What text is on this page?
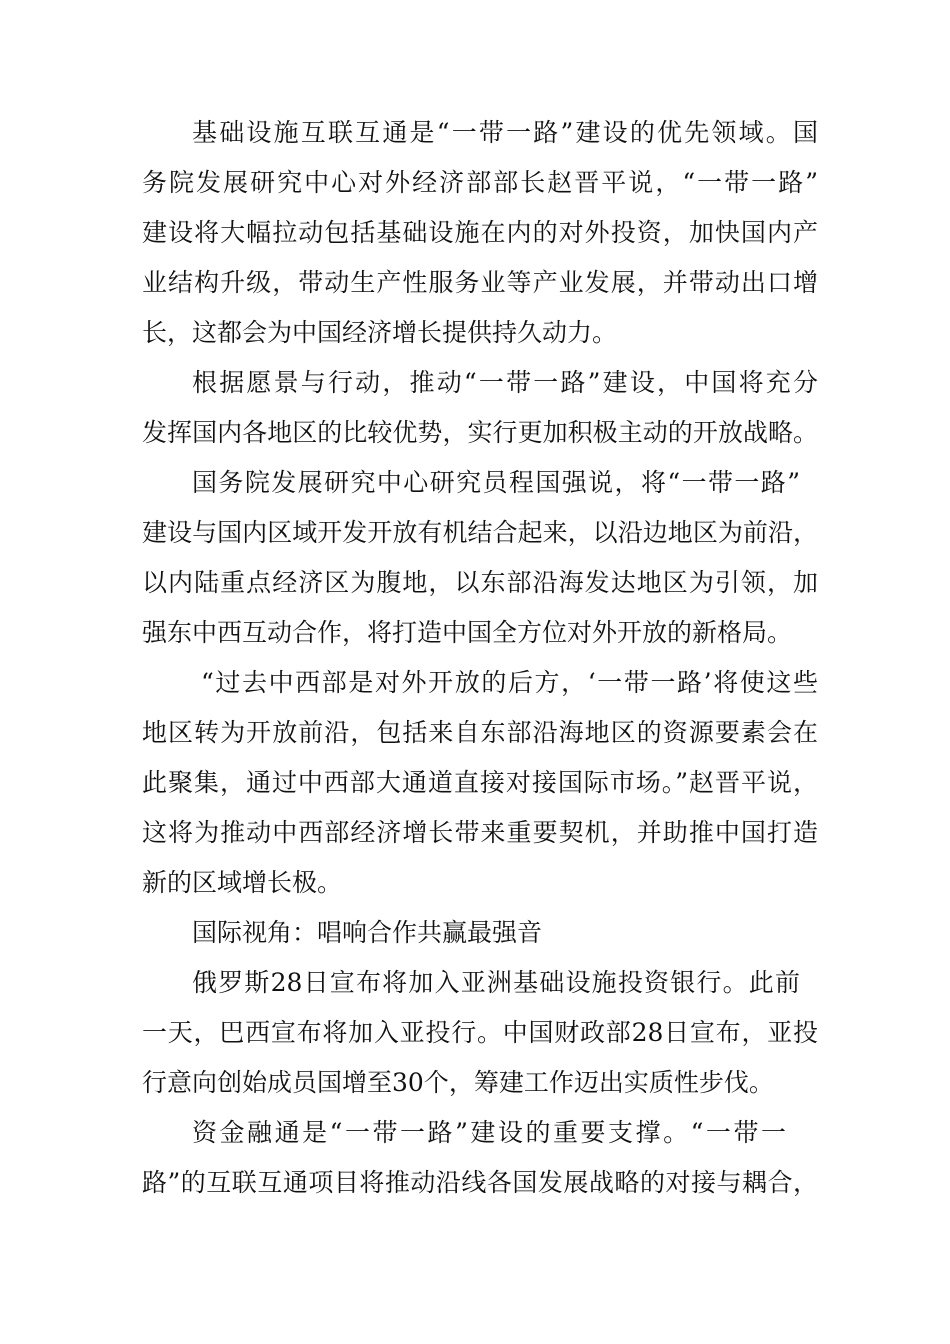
基础设施互联互通是“一带一路”建设的优先领域。国
务院发展研究中心对外经济部部长赵晋平说，“一带一路”
建设将大幅拉动包括基础设施在内的对外投资，加快国内产
业结构升级，带动生产性服务业等产业发展，并带动出口增
长，这都会为中国经济增长提供持久动力。
根据愿景与行动，推动“一带一路”建设，中国将充分
发挥国内各地区的比较优势，实行更加积极主动的开放战略。
国务院发展研究中心研究员程国强说，将“一带一路”
建设与国内区域开发开放有机结合起来，以沿边地区为前沿，
以内陆重点经济区为腹地，以东部沿海发达地区为引领，加
强东中西互动合作，将打造中国全方位对外开放的新格局。
“过去中西部是对外开放的后方，‘一带一路’将使这些
地区转为开放前沿，包括来自东部沿海地区的资源要素会在
此聚集，通过中西部大通道直接对接国际市场。”赵晋平说，
这将为推动中西部经济增长带来重要契机，并助推中国打造
新的区域增长极。
国际视角：唱响合作共赢最强音
俄罗斯28日宣布将加入亚洲基础设施投资银行。此前
一天，巴西宣布将加入亚投行。中国财政部28日宣布，亚投
行意向创始成员国增至30个，筹建工作迈出实质性步伐。
资金融通是“一带一路”建设的重要支撑。“一带一
路”的互联互通项目将推动沿线各国发展战略的对接与耦合，
